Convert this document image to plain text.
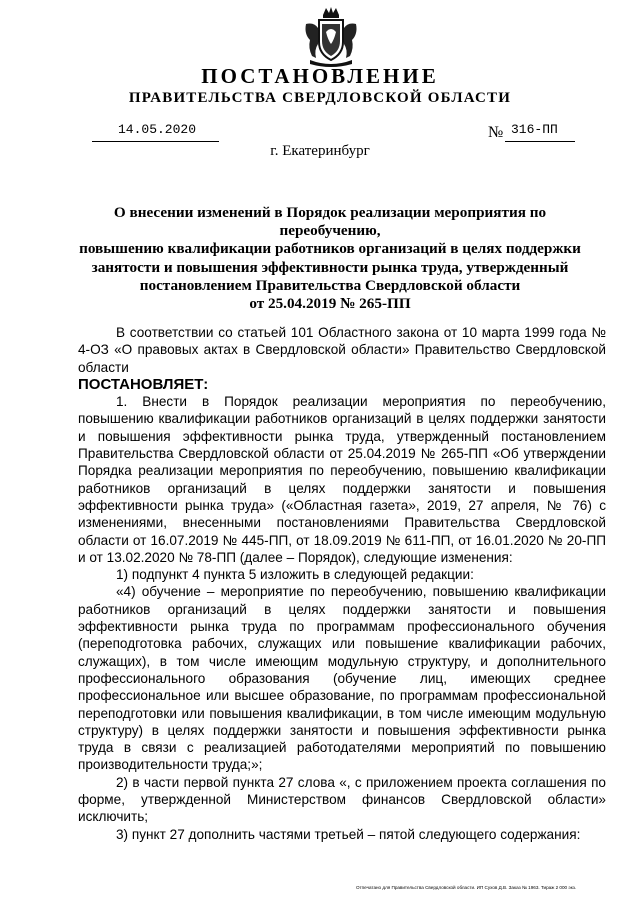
ПОСТАНОВЛЕНИЕ
ПРАВИТЕЛЬСТВА СВЕРДЛОВСКОЙ ОБЛАСТИ
14.05.2020	№ 316-ПП
г. Екатеринбург
О внесении изменений в Порядок реализации мероприятия по переобучению,
повышению квалификации работников организаций в целях поддержки
занятости и повышения эффективности рынка труда, утвержденный
постановлением Правительства Свердловской области
от 25.04.2019 № 265-ПП

В соответствии со статьей 101 Областного закона от 10 марта 1999 года № 4-ОЗ «О правовых актах в Свердловской области» Правительство Свердловской области

ПОСТАНОВЛЯЕТ:

1. Внести в Порядок реализации мероприятия по переобучению, повышению квалификации работников организаций в целях поддержки занятости и повышения эффективности рынка труда, утвержденный постановлением Правительства Свердловской области от 25.04.2019 № 265-ПП «Об утверждении Порядка реализации мероприятия по переобучению, повышению квалификации работников организаций в целях поддержки занятости и повышения эффективности рынка труда» («Областная газета», 2019, 27 апреля, № 76) с изменениями, внесенными постановлениями Правительства Свердловской области от 16.07.2019 № 445-ПП, от 18.09.2019 № 611-ПП, от 16.01.2020 № 20-ПП и от 13.02.2020 № 78-ПП (далее – Порядок), следующие изменения:

1) подпункт 4 пункта 5 изложить в следующей редакции:

«4) обучение – мероприятие по переобучению, повышению квалификации работников организаций в целях поддержки занятости и повышения эффективности рынка труда по программам профессионального обучения (переподготовка рабочих, служащих или повышение квалификации рабочих, служащих), в том числе имеющим модульную структуру, и дополнительного профессионального образования (обучение лиц, имеющих среднее профессиональное или высшее образование, по программам профессиональной переподготовки или повышения квалификации, в том числе имеющим модульную структуру) в целях поддержки занятости и повышения эффективности рынка труда в связи с реализацией работодателями мероприятий по повышению производительности труда;»;

2) в части первой пункта 27 слова «, с приложением проекта соглашения по форме, утвержденной Министерством финансов Свердловской области» исключить;

3) пункт 27 дополнить частями третьей – пятой следующего содержания:

Отпечатано для Правительства Свердловской области. ИП Сухов Д.В. Заказ № 1963. Тираж 2 000 экз.
